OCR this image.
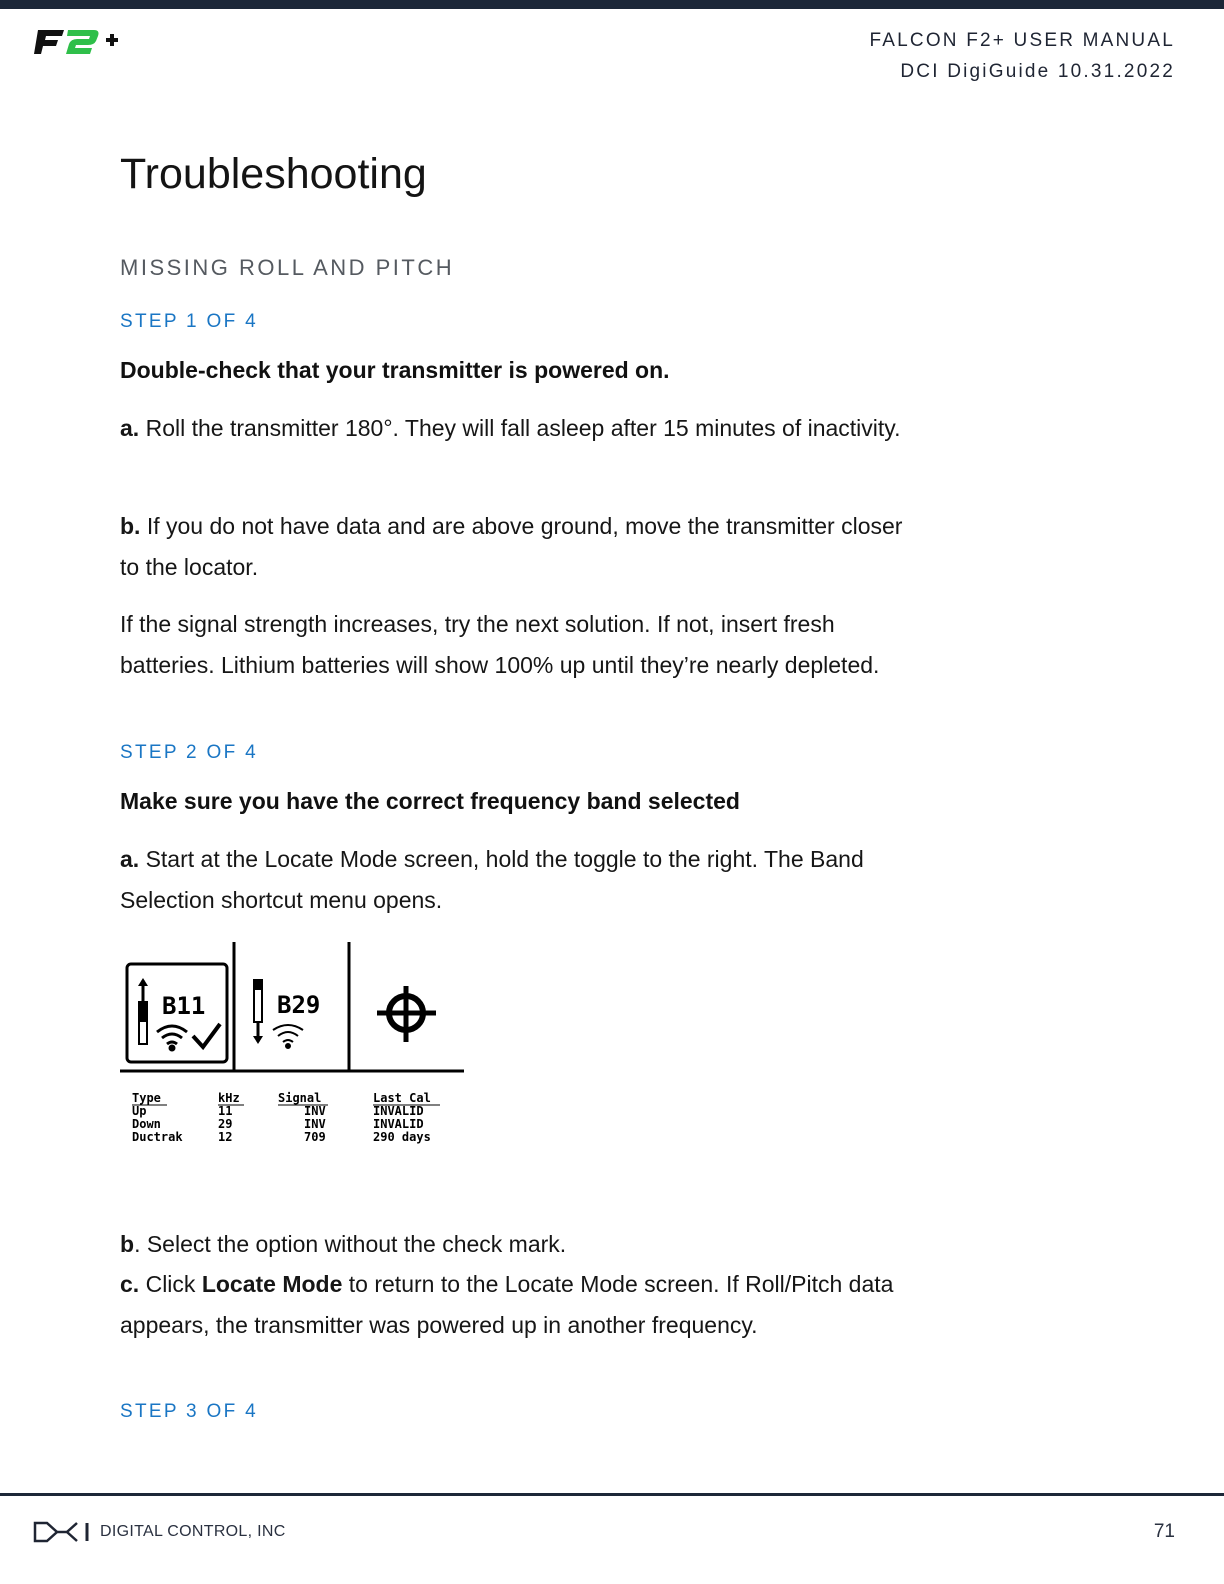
FALCON F2+ USER MANUAL
DCI DigiGuide 10.31.2022
Troubleshooting
MISSING ROLL AND PITCH
STEP 1 OF 4
Double-check that your transmitter is powered on.

a. Roll the transmitter 180°. They will fall asleep after 15 minutes of inactivity.

b. If you do not have data and are above ground, move the transmitter closer to the locator.

If the signal strength increases, try the next solution. If not, insert fresh batteries. Lithium batteries will show 100% up until they’re nearly depleted.

STEP 2 OF 4
Make sure you have the correct frequency band selected

a. Start at the Locate Mode screen, hold the toggle to the right. The Band Selection shortcut menu opens.

b. Select the option without the check mark.

c. Click Locate Mode to return to the Locate Mode screen. If Roll/Pitch data appears, the transmitter was powered up in another frequency.

STEP 3 OF 4
B11	B29
Type	kHz	Signal	Last Cal
Up	11	INV	INVALID
Down	29	INV	INVALID
Ductrak	12	709	290 days
DIGITAL CONTROL, INC	71
